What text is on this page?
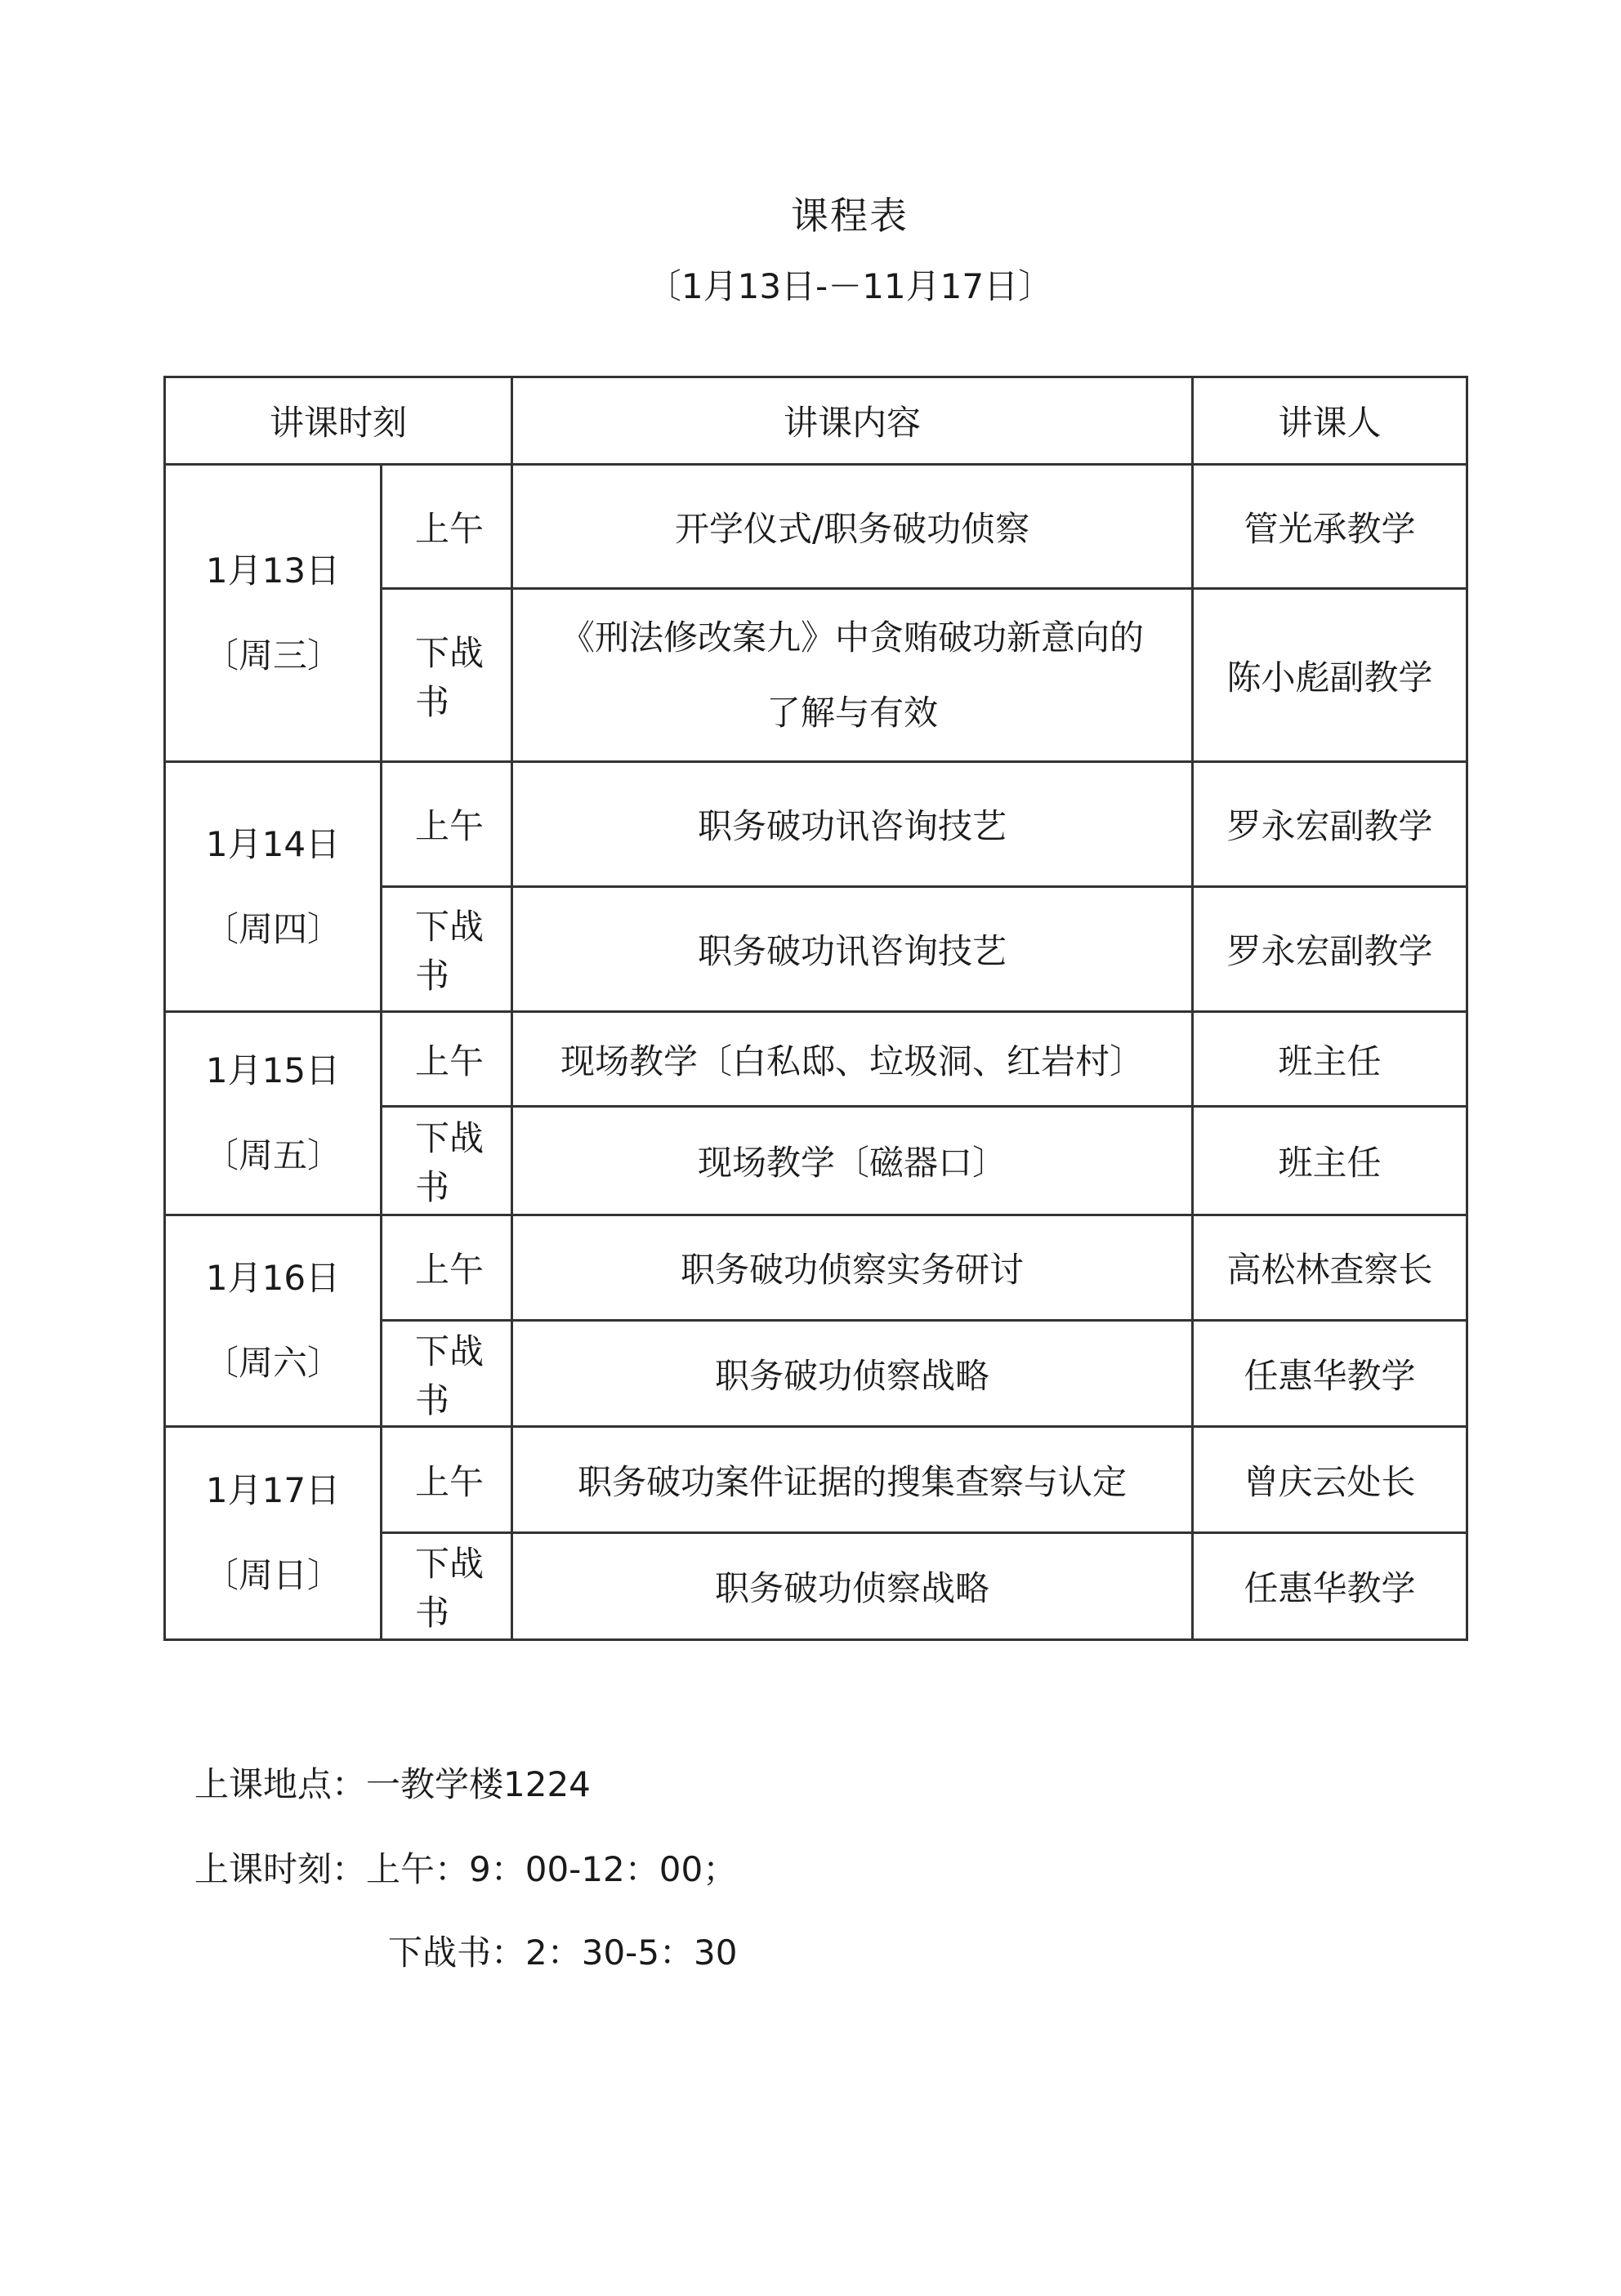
课程表
〔1月13日-－11月17日〕
讲课时刻		讲课内容	讲课人

1月13日
〔周三〕	上午	开学仪式/职务破功侦察	管光承教学
	下战书	《刑法修改案九》中贪贿破功新意向的了解与有效	陈小彪副教学

1月14日
〔周四〕	上午	职务破功讯咨询技艺	罗永宏副教学
	下战书	职务破功讯咨询技艺	罗永宏副教学

1月15日
〔周五〕	上午	现场教学〔白私邸、垃圾洞、红岩村〕	班主任
	下战书	现场教学〔磁器口〕	班主任

1月16日
〔周六〕	上午	职务破功侦察实务研讨	高松林查察长
	下战书	职务破功侦察战略	任惠华教学

1月17日
〔周日〕	上午	职务破功案件证据的搜集查察与认定	曾庆云处长
	下战书	职务破功侦察战略	任惠华教学
上课地点：一教学楼1224
上课时刻：上午：9：00-12：00；
下战书：2：30-5：30
